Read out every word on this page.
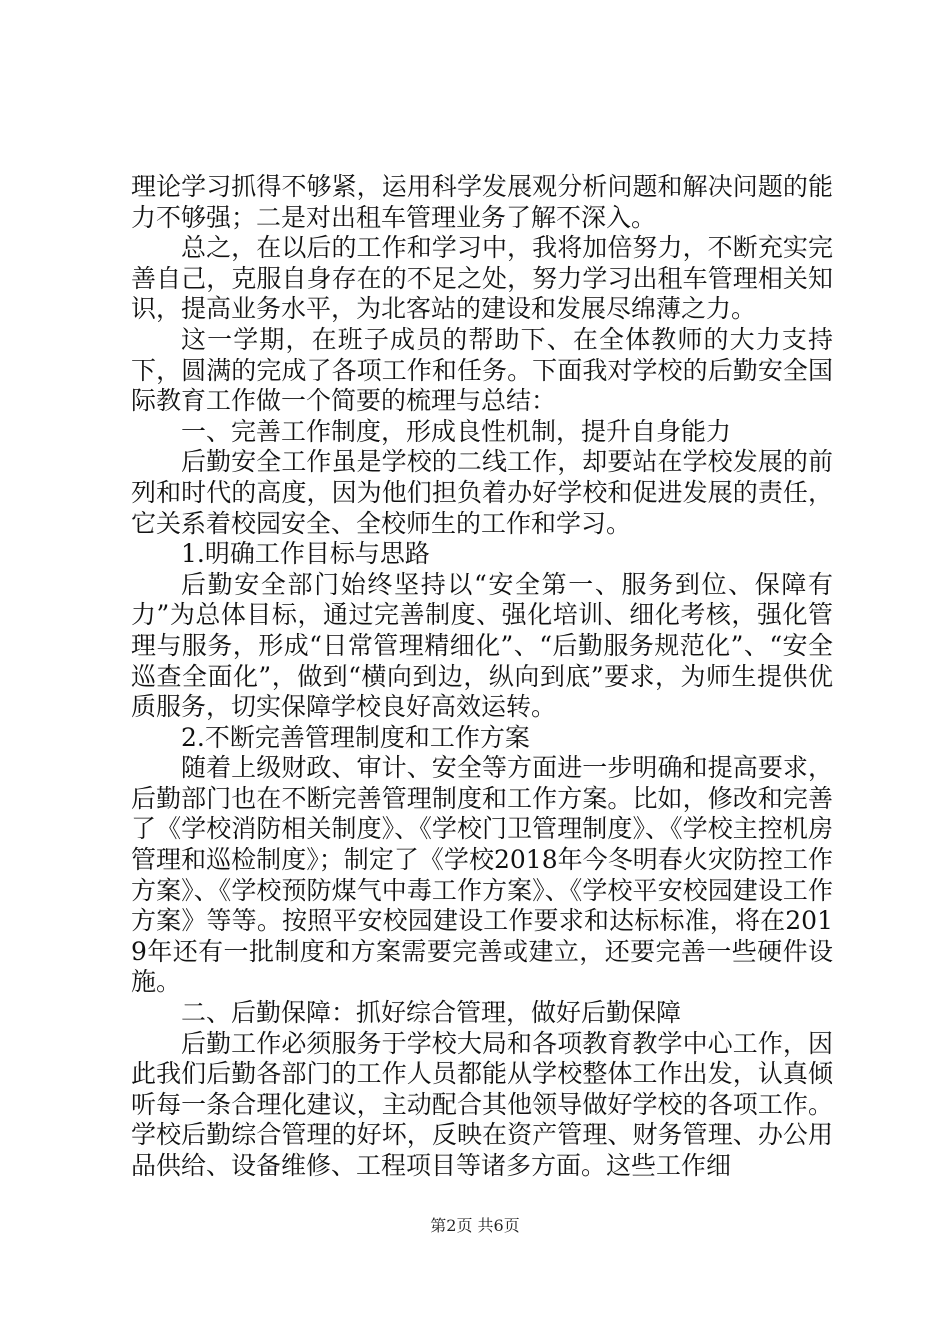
理论学习抓得不够紧，运用科学发展观分析问题和解决问题的能力不够强；二是对出租车管理业务了解不深入。

总之，在以后的工作和学习中，我将加倍努力，不断充实完善自己，克服自身存在的不足之处，努力学习出租车管理相关知识，提高业务水平，为北客站的建设和发展尽绵薄之力。

这一学期，在班子成员的帮助下、在全体教师的大力支持下，圆满的完成了各项工作和任务。下面我对学校的后勤安全国际教育工作做一个简要的梳理与总结：

一、完善工作制度，形成良性机制，提升自身能力

后勤安全工作虽是学校的二线工作，却要站在学校发展的前列和时代的高度，因为他们担负着办好学校和促进发展的责任，它关系着校园安全、全校师生的工作和学习。

1.明确工作目标与思路

后勤安全部门始终坚持以“安全第一、服务到位、保障有力”为总体目标，通过完善制度、强化培训、细化考核，强化管理与服务，形成“日常管理精细化”、“后勤服务规范化”、“安全巡查全面化”，做到“横向到边，纵向到底”要求，为师生提供优质服务，切实保障学校良好高效运转。

2.不断完善管理制度和工作方案

随着上级财政、审计、安全等方面进一步明确和提高要求，后勤部门也在不断完善管理制度和工作方案。比如，修改和完善了《学校消防相关制度》、《学校门卫管理制度》、《学校主控机房管理和巡检制度》；制定了《学校2018年今冬明春火灾防控工作方案》、《学校预防煤气中毒工作方案》、《学校平安校园建设工作方案》等等。按照平安校园建设工作要求和达标标准，将在2019年还有一批制度和方案需要完善或建立，还要完善一些硬件设施。

二、后勤保障：抓好综合管理，做好后勤保障

后勤工作必须服务于学校大局和各项教育教学中心工作，因此我们后勤各部门的工作人员都能从学校整体工作出发，认真倾听每一条合理化建议，主动配合其他领导做好学校的各项工作。学校后勤综合管理的好坏，反映在资产管理、财务管理、办公用品供给、设备维修、工程项目等诸多方面。这些工作细

第2页 共6页
